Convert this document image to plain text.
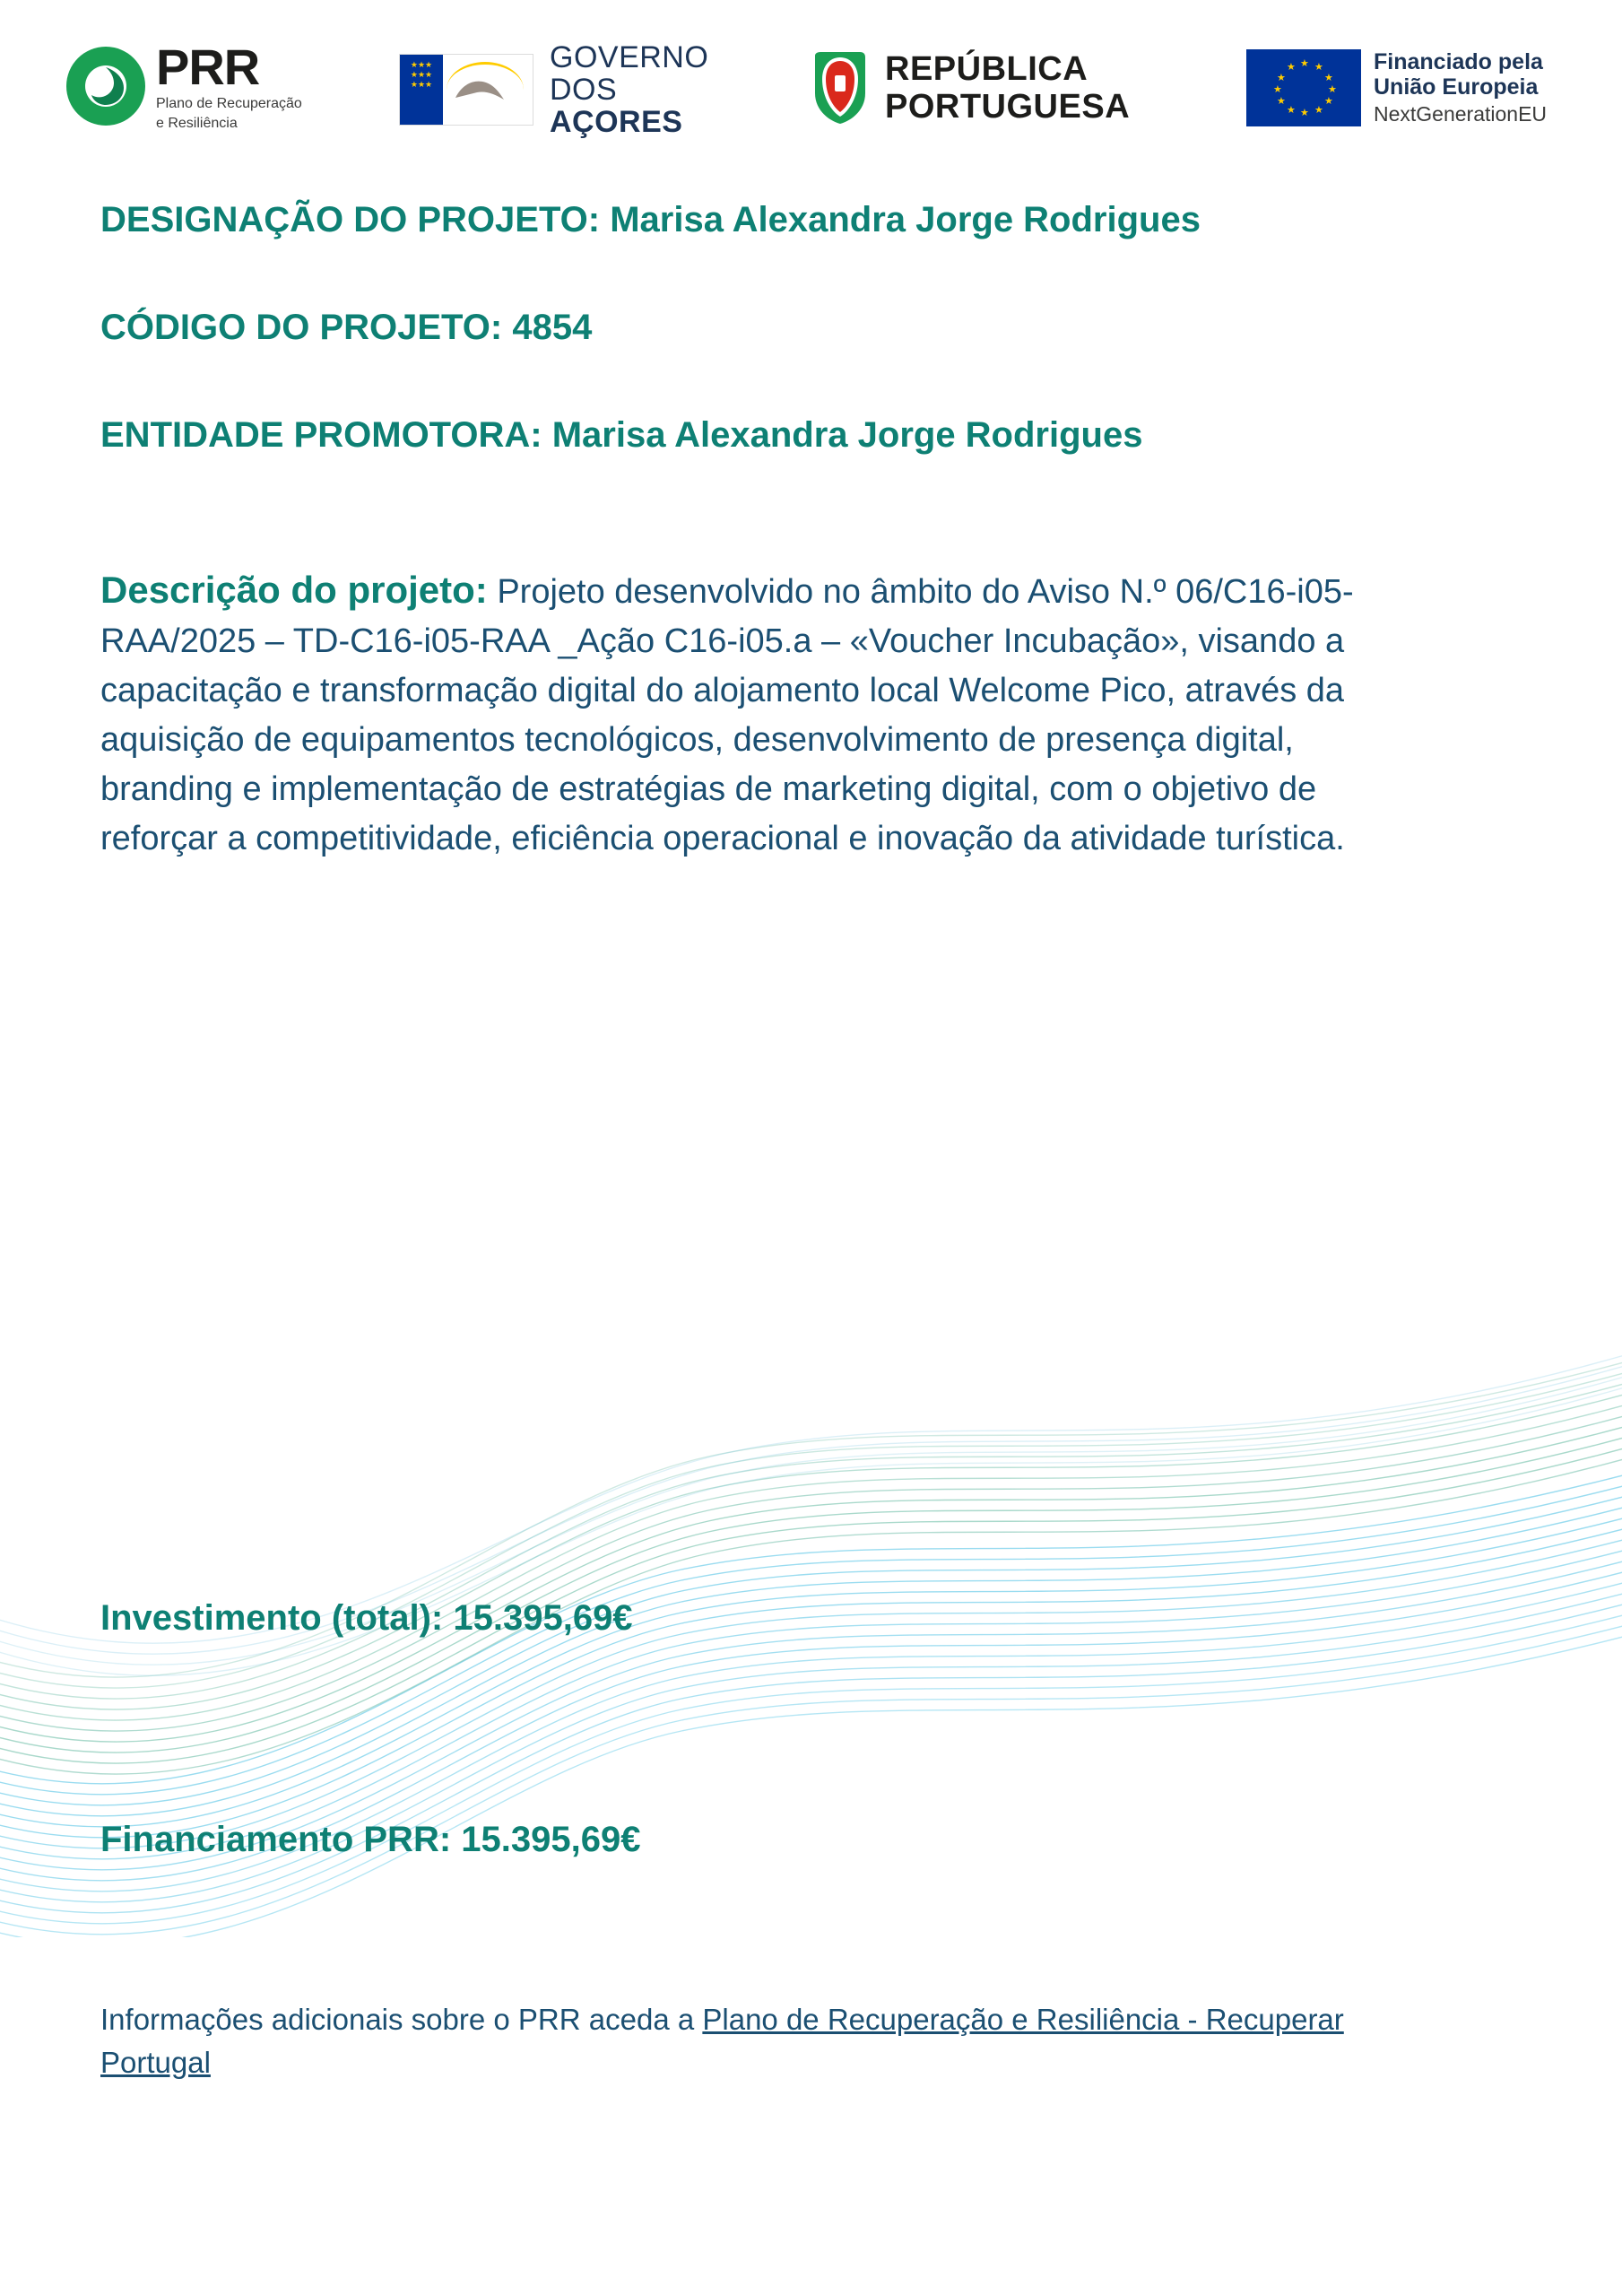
PRR
Plano de Recuperação
e Resiliência
★★★
★★★
★★★
GOVERNO
DOS AÇORES
REPÚBLICA
PORTUGUESA
★ ★
★
★
★
★
★
★
★
★
★
★	Financiado pela
União Europeia
NextGenerationEU
DESIGNAÇÃO DO PROJETO: Marisa Alexandra Jorge Rodrigues
CÓDIGO DO PROJETO: 4854
ENTIDADE PROMOTORA: Marisa Alexandra Jorge Rodrigues
Descrição do projeto: Projeto desenvolvido no âmbito do Aviso N.º 06/C16-i05-RAA/2025 – TD-C16-i05-RAA _Ação C16-i05.a – «Voucher Incubação», visando a capacitação e transformação digital do alojamento local Welcome Pico, através da aquisição de equipamentos tecnológicos, desenvolvimento de presença digital, branding e implementação de estratégias de marketing digital, com o objetivo de reforçar a competitividade, eficiência operacional e inovação da atividade turística.
Investimento (total): 15.395,69€
Financiamento PRR: 15.395,69€
Informações adicionais sobre o PRR aceda a Plano de Recuperação e Resiliência - Recuperar Portugal
